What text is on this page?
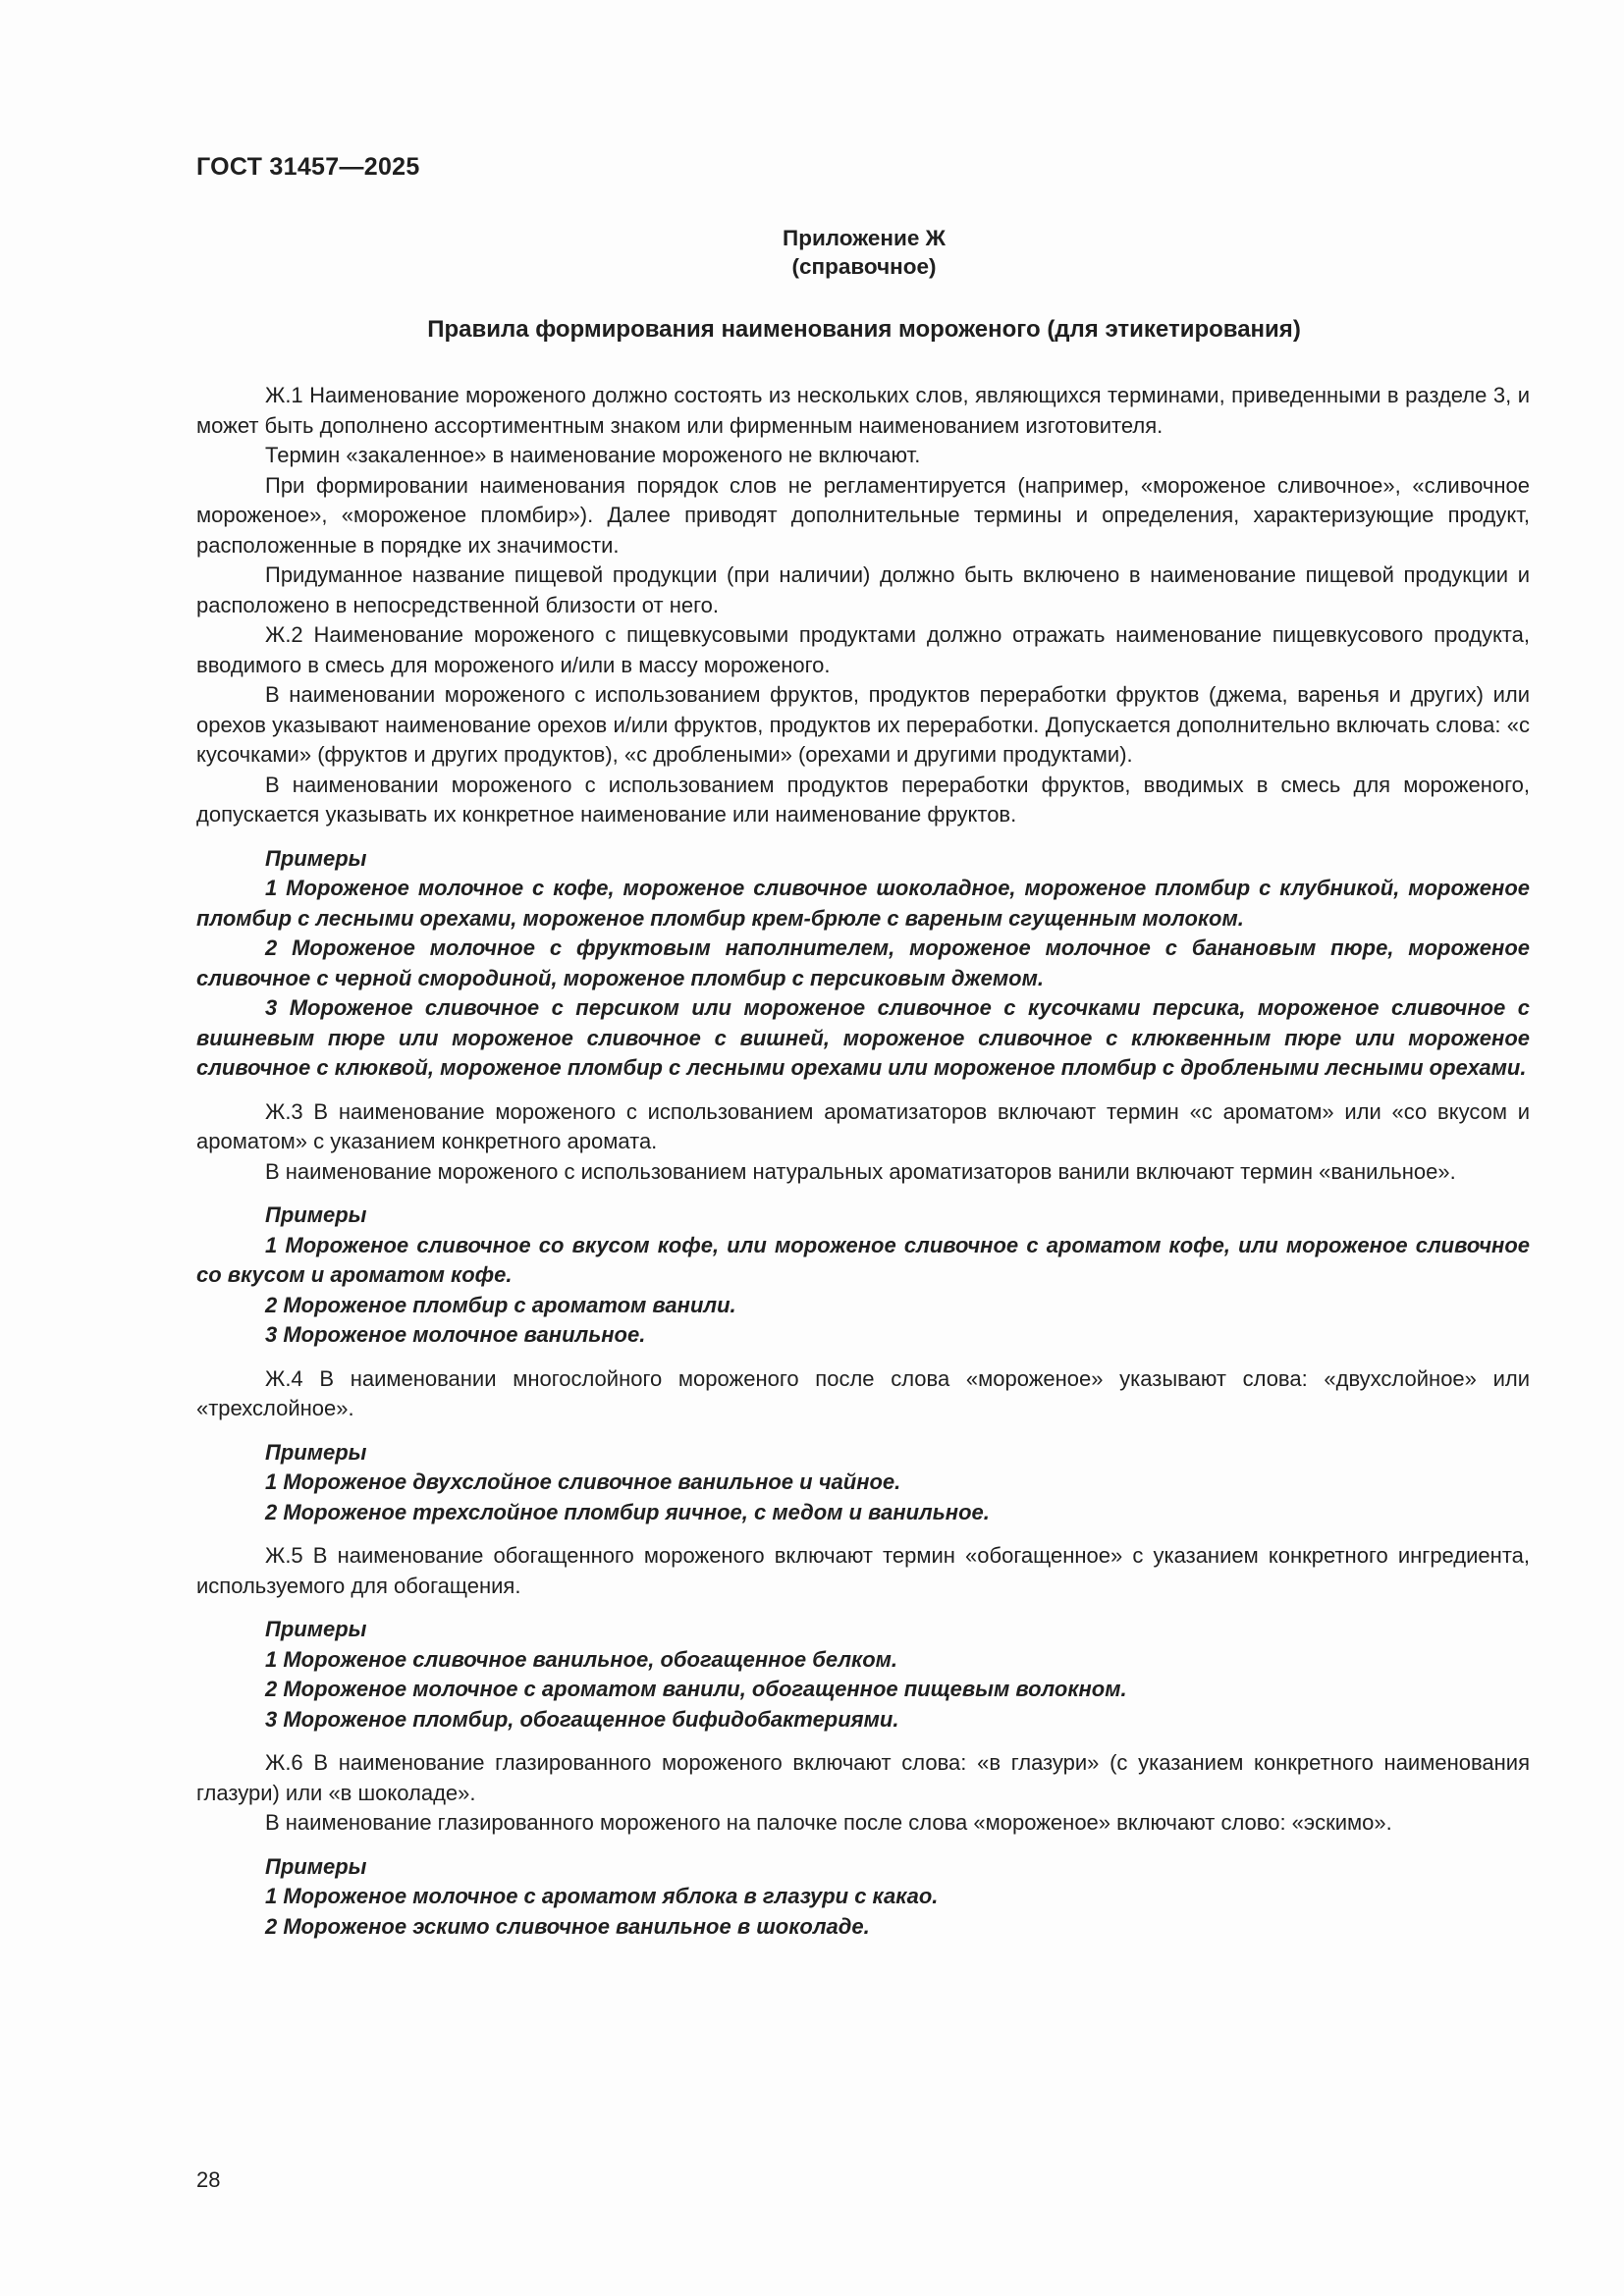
ГОСТ 31457—2025
Приложение Ж
(справочное)
Правила формирования наименования мороженого (для этикетирования)

Ж.1 Наименование мороженого должно состоять из нескольких слов, являющихся терминами, приведенными в разделе 3, и может быть дополнено ассортиментным знаком или фирменным наименованием изготовителя.

Термин «закаленное» в наименование мороженого не включают.

При формировании наименования порядок слов не регламентируется (например, «мороженое сливочное», «сливочное мороженое», «мороженое пломбир»). Далее приводят дополнительные термины и определения, характеризующие продукт, расположенные в порядке их значимости.

Придуманное название пищевой продукции (при наличии) должно быть включено в наименование пищевой продукции и расположено в непосредственной близости от него.

Ж.2 Наименование мороженого с пищевкусовыми продуктами должно отражать наименование пищевкусового продукта, вводимого в смесь для мороженого и/или в массу мороженого.

В наименовании мороженого с использованием фруктов, продуктов переработки фруктов (джема, варенья и других) или орехов указывают наименование орехов и/или фруктов, продуктов их переработки. Допускается дополнительно включать слова: «с кусочками» (фруктов и других продуктов), «с дроблеными» (орехами и другими продуктами).

В наименовании мороженого с использованием продуктов переработки фруктов, вводимых в смесь для мороженого, допускается указывать их конкретное наименование или наименование фруктов.

Примеры
1 Мороженое молочное с кофе, мороженое сливочное шоколадное, мороженое пломбир с клубникой, мороженое пломбир с лесными орехами, мороженое пломбир крем-брюле с вареным сгущенным молоком.
2 Мороженое молочное с фруктовым наполнителем, мороженое молочное с банановым пюре, мороженое сливочное с черной смородиной, мороженое пломбир с персиковым джемом.
3 Мороженое сливочное с персиком или мороженое сливочное с кусочками персика, мороженое сливочное с вишневым пюре или мороженое сливочное с вишней, мороженое сливочное с клюквенным пюре или мороженое сливочное с клюквой, мороженое пломбир с лесными орехами или мороженое пломбир с дроблеными лесными орехами.

Ж.3 В наименование мороженого с использованием ароматизаторов включают термин «с ароматом» или «со вкусом и ароматом» с указанием конкретного аромата.

В наименование мороженого с использованием натуральных ароматизаторов ванили включают термин «ванильное».

Примеры
1 Мороженое сливочное со вкусом кофе, или мороженое сливочное с ароматом кофе, или мороженое сливочное со вкусом и ароматом кофе.
2 Мороженое пломбир с ароматом ванили.
3 Мороженое молочное ванильное.

Ж.4 В наименовании многослойного мороженого после слова «мороженое» указывают слова: «двухслойное» или «трехслойное».

Примеры
1 Мороженое двухслойное сливочное ванильное и чайное.
2 Мороженое трехслойное пломбир яичное, с медом и ванильное.

Ж.5 В наименование обогащенного мороженого включают термин «обогащенное» с указанием конкретного ингредиента, используемого для обогащения.

Примеры
1 Мороженое сливочное ванильное, обогащенное белком.
2 Мороженое молочное с ароматом ванили, обогащенное пищевым волокном.
3 Мороженое пломбир, обогащенное бифидобактериями.

Ж.6 В наименование глазированного мороженого включают слова: «в глазури» (с указанием конкретного наименования глазури) или «в шоколаде».

В наименование глазированного мороженого на палочке после слова «мороженое» включают слово: «эскимо».

Примеры
1 Мороженое молочное с ароматом яблока в глазури с какао.
2 Мороженое эскимо сливочное ванильное в шоколаде.
28
